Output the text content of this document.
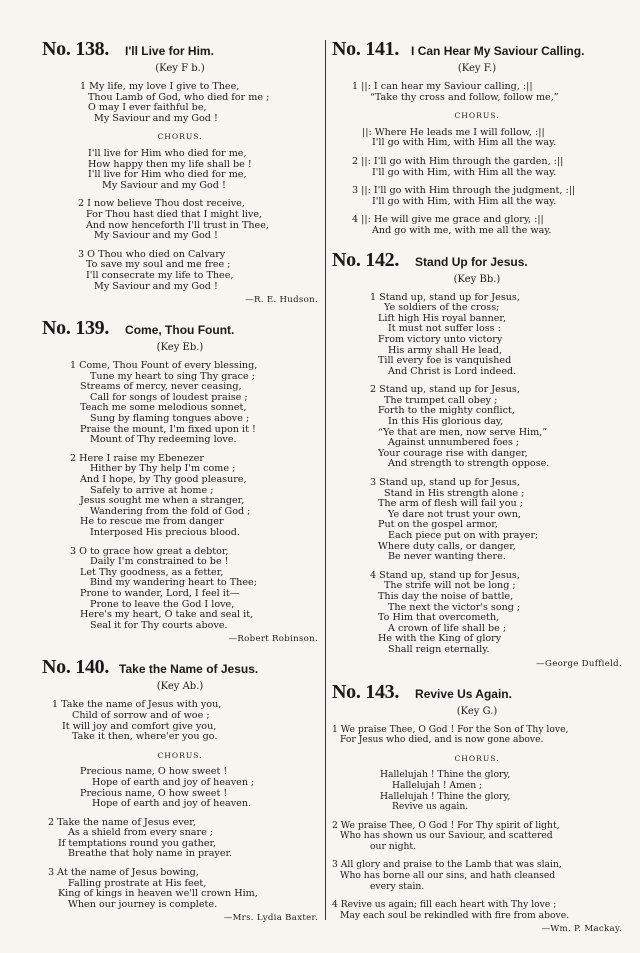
No. 138. I'll Live for Him.
(Key F b.)
1 My life, my love I give to Thee,
Thou Lamb of God, who died for me ;
O may I ever faithful be,
My Saviour and my God !
CHORUS.
I'll live for Him who died for me,
How happy then my life shall be !
I'll live for Him who died for me,
My Saviour and my God !
2 I now believe Thou dost receive,
For Thou hast died that I might live,
And now henceforth I'll trust in Thee,
My Saviour and my God !
3 O Thou who died on Calvary
To save my soul and me free ;
I'll consecrate my life to Thee,
My Saviour and my God !
—R. E. Hudson.
No. 139. Come, Thou Fount.
(Key Eb.)
1 Come, Thou Fount of every blessing,
Tune my heart to sing Thy grace ;
Streams of mercy, never ceasing,
Call for songs of loudest praise ;
Teach me some melodious sonnet,
Sung by flaming tongues above ;
Praise the mount, I'm fixed upon it !
Mount of Thy redeeming love.
2 Here I raise my Ebenezer
Hither by Thy help I'm come ;
And I hope, by Thy good pleasure,
Safely to arrive at home ;
Jesus sought me when a stranger,
Wandering from the fold of God ;
He to rescue me from danger
Interposed His precious blood.
3 O to grace how great a debtor,
Daily I'm constrained to be !
Let Thy goodness, as a fetter,
Bind my wandering heart to Thee;
Prone to wander, Lord, I feel it—
Prone to leave the God I love,
Here's my heart, O take and seal it,
Seal it for Thy courts above.
—Robert Robinson.
No. 140. Take the Name of Jesus.
(Key Ab.)
1 Take the name of Jesus with you,
Child of sorrow and of woe ;
It will joy and comfort give you,
Take it then, where'er you go.
CHORUS.
Precious name, O how sweet !
Hope of earth and joy of heaven ;
Precious name, O how sweet !
Hope of earth and joy of heaven.
2 Take the name of Jesus ever,
As a shield from every snare ;
If temptations round you gather,
Breathe that holy name in prayer.
3 At the name of Jesus bowing,
Falling prostrate at His feet,
King of kings in heaven we'll crown Him,
When our journey is complete.
—Mrs. Lydia Baxter.
No. 141. I Can Hear My Saviour Calling.
(Key F.)
1 ||: I can hear my Saviour calling, :||
“Take thy cross and follow, follow me,”
CHORUS.
||: Where He leads me I will follow, :||
I'll go with Him, with Him all the way.
2 ||: I'll go with Him through the garden, :||
I'll go with Him, with Him all the way.
3 ||: I'll go with Him through the judgment, :||
I'll go with Him, with Him all the way.
4 ||: He will give me grace and glory, :||
And go with me, with me all the way.
No. 142. Stand Up for Jesus.
(Key Bb.)
1 Stand up, stand up for Jesus,
Ye soldiers of the cross;
Lift high His royal banner,
It must not suffer loss :
From victory unto victory
His army shall He lead,
Till every foe is vanquished
And Christ is Lord indeed.
2 Stand up, stand up for Jesus,
The trumpet call obey ;
Forth to the mighty conflict,
In this His glorious day,
“Ye that are men, now serve Him,”
Against unnumbered foes ;
Your courage rise with danger,
And strength to strength oppose.
3 Stand up, stand up for Jesus,
Stand in His strength alone ;
The arm of flesh will fail you ;
Ye dare not trust your own,
Put on the gospel armor,
Each piece put on with prayer;
Where duty calls, or danger,
Be never wanting there.
4 Stand up, stand up for Jesus,
The strife will not be long ;
This day the noise of battle,
The next the victor's song ;
To Him that overcometh,
A crown of life shall be ;
He with the King of glory
Shall reign eternally.
—George Duffield.
No. 143. Revive Us Again.
(Key G.)
1 We praise Thee, O God ! For the Son of Thy love,
For Jesus who died, and is now gone above.
CHORUS.
Hallelujah ! Thine the glory,
Hallelujah ! Amen ;
Hallelujah ! Thine the glory,
Revive us again.
2 We praise Thee, O God ! For Thy spirit of light,
Who has shown us our Saviour, and scattered
our night.
3 All glory and praise to the Lamb that was slain,
Who has borne all our sins, and hath cleansed
every stain.
4 Revive us again; fill each heart with Thy love ;
May each soul be rekindled with fire from above.
—Wm. P. Mackay.
